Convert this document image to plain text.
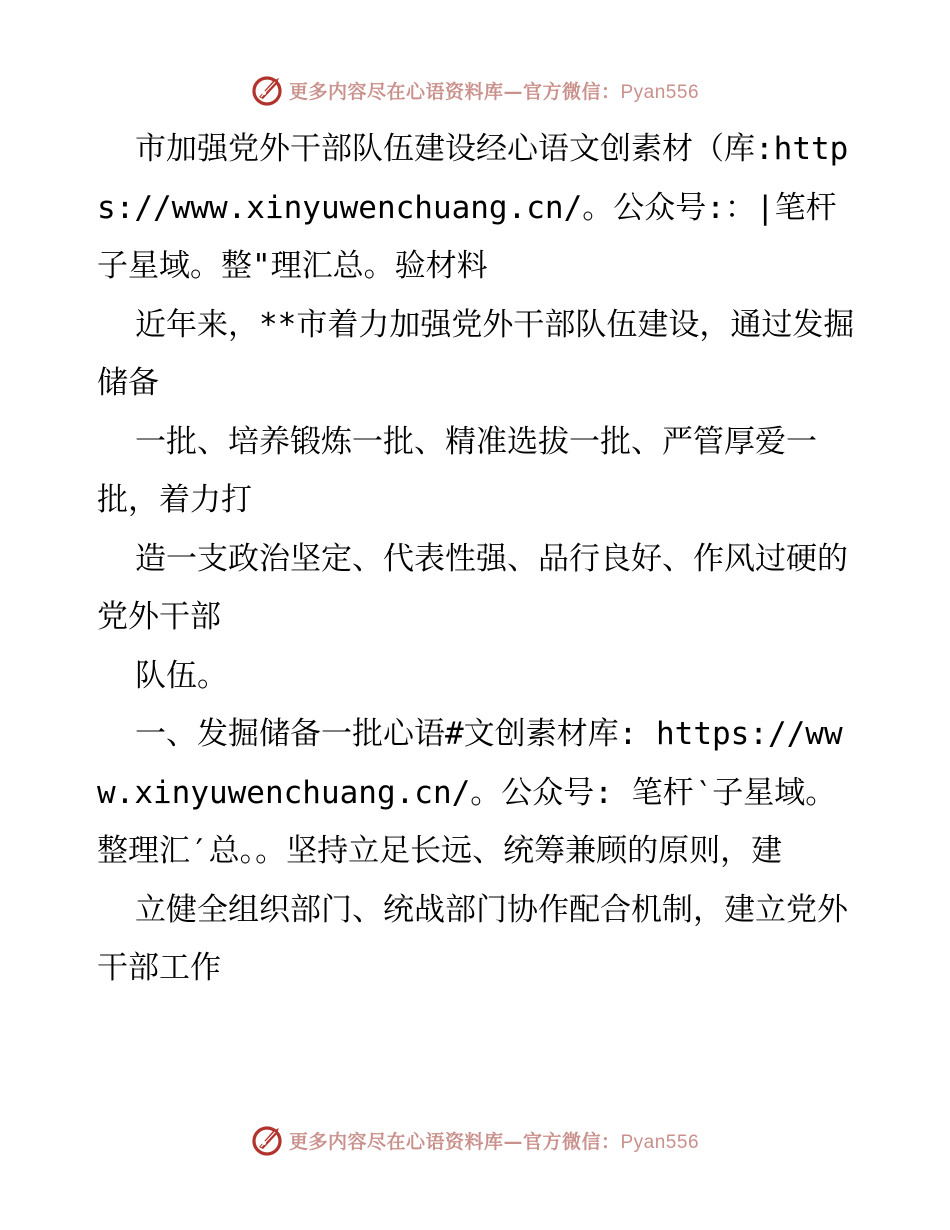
更多内容尽在心语资料库—官方微信：Pyan556

市加强党外干部队伍建设经心语文创素材（库:https://www.xinyuwenchuang.cn/。公众号:：|笔杆子星域。整"理汇总。验材料

近年来，**市着力加强党外干部队伍建设，通过发掘储备

一批、培养锻炼一批、精准选拔一批、严管厚爱一批，着力打

造一支政治坚定、代表性强、品行良好、作风过硬的党外干部

队伍。

一、发掘储备一批心语#文创素材库: https://www.xinyuwenchuang.cn/。公众号: 笔杆‵子星域。整理汇′总。。坚持立足长远、统筹兼顾的原则，建

立健全组织部门、统战部门协作配合机制，建立党外干部工作

更多内容尽在心语资料库—官方微信：Pyan556
